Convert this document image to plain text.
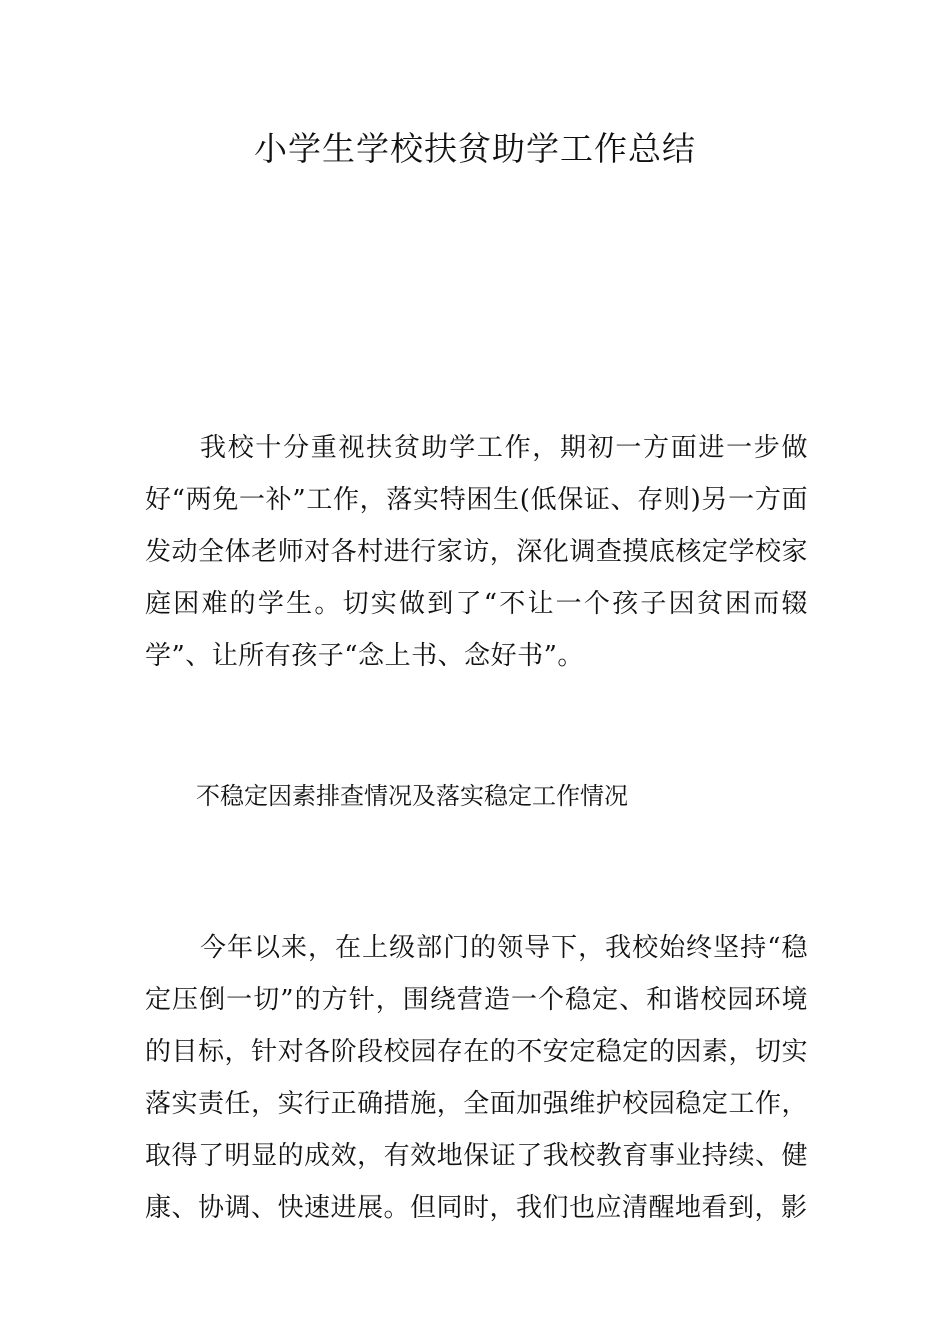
小学生学校扶贫助学工作总结

我校十分重视扶贫助学工作，期初一方面进一步做好“两免一补”工作，落实特困生(低保证、存则)另一方面发动全体老师对各村进行家访，深化调查摸底核定学校家庭困难的学生。切实做到了“不让一个孩子因贫困而辍学”、让所有孩子“念上书、念好书”。

不稳定因素排查情况及落实稳定工作情况

今年以来，在上级部门的领导下，我校始终坚持“稳定压倒一切”的方针，围绕营造一个稳定、和谐校园环境的目标，针对各阶段校园存在的不安定稳定的因素，切实落实责任，实行正确措施，全面加强维护校园稳定工作，取得了明显的成效，有效地保证了我校教育事业持续、健康、协调、快速进展。但同时，我们也应清醒地看到，影
